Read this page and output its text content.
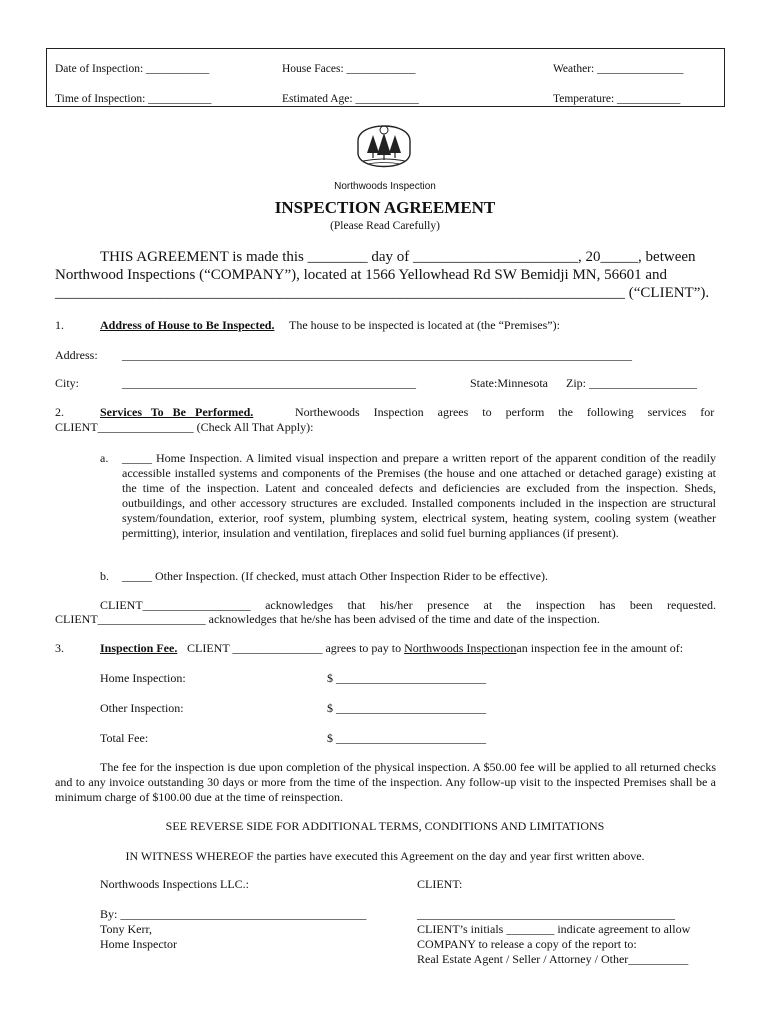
Date of Inspection: ___________	House Faces: ____________	Weather: _______________
Time of Inspection: ___________	Estimated Age: ___________	Temperature: ___________
Northwoods Inspection
INSPECTION AGREEMENT
(Please Read Carefully)
THIS AGREEMENT is made this ________ day of ______________________, 20_____, between
Northwood Inspections (“COMPANY”), located at 1566 Yellowhead Rd SW Bemidji MN, 56601 and
____________________________________________________________________________ (“CLIENT”).
1.	Address of House to Be Inspected. The house to be inspected is located at (the “Premises”):
Address: _____________________________________________________________________________________
City:	_________________________________________________	State:Minnesota Zip: __________________
2.	Services To Be Performed.	Northewoods Inspection agrees to perform the following services for
CLIENT________________ (Check All That Apply):
a. _____ Home Inspection. A limited visual inspection and prepare a written report of the apparent condition of the readily accessible installed systems and components of the Premises (the house and one attached or detached garage) existing at the time of the inspection. Latent and concealed defects and deficiencies are excluded from the inspection. Sheds, outbuildings, and other accessory structures are excluded. Installed components included in the inspection are structural system/foundation, exterior, roof system, plumbing system, electrical system, heating system, cooling system (weather permitting), interior, insulation and ventilation, fireplaces and solid fuel burning appliances (if present).
b. _____ Other Inspection. (If checked, must attach Other Inspection Rider to be effective).
CLIENT__________________ acknowledges that his/her presence at the inspection has been requested.
CLIENT__________________ acknowledges that he/she has been advised of the time and date of the inspection.
3.	Inspection Fee. CLIENT _______________ agrees to pay to Northwoods Inspectionan inspection fee in the amount of:
Home Inspection:	$ _________________________
Other Inspection:	$ _________________________
Total Fee:	$ _________________________
The fee for the inspection is due upon completion of the physical inspection. A $50.00 fee will be applied to all returned checks and to any invoice outstanding 30 days or more from the time of the inspection. Any follow-up visit to the inspected Premises shall be a minimum charge of $100.00 due at the time of reinspection.
SEE REVERSE SIDE FOR ADDITIONAL TERMS, CONDITIONS AND LIMITATIONS
IN WITNESS WHEREOF the parties have executed this Agreement on the day and year first written above.
Northwoods Inspections LLC.:	CLIENT:
By: _________________________________________
Tony Kerr,
Home Inspector
___________________________________________
CLIENT’s initials ________ indicate agreement to allow
COMPANY to release a copy of the report to:
Real Estate Agent / Seller / Attorney / Other__________
